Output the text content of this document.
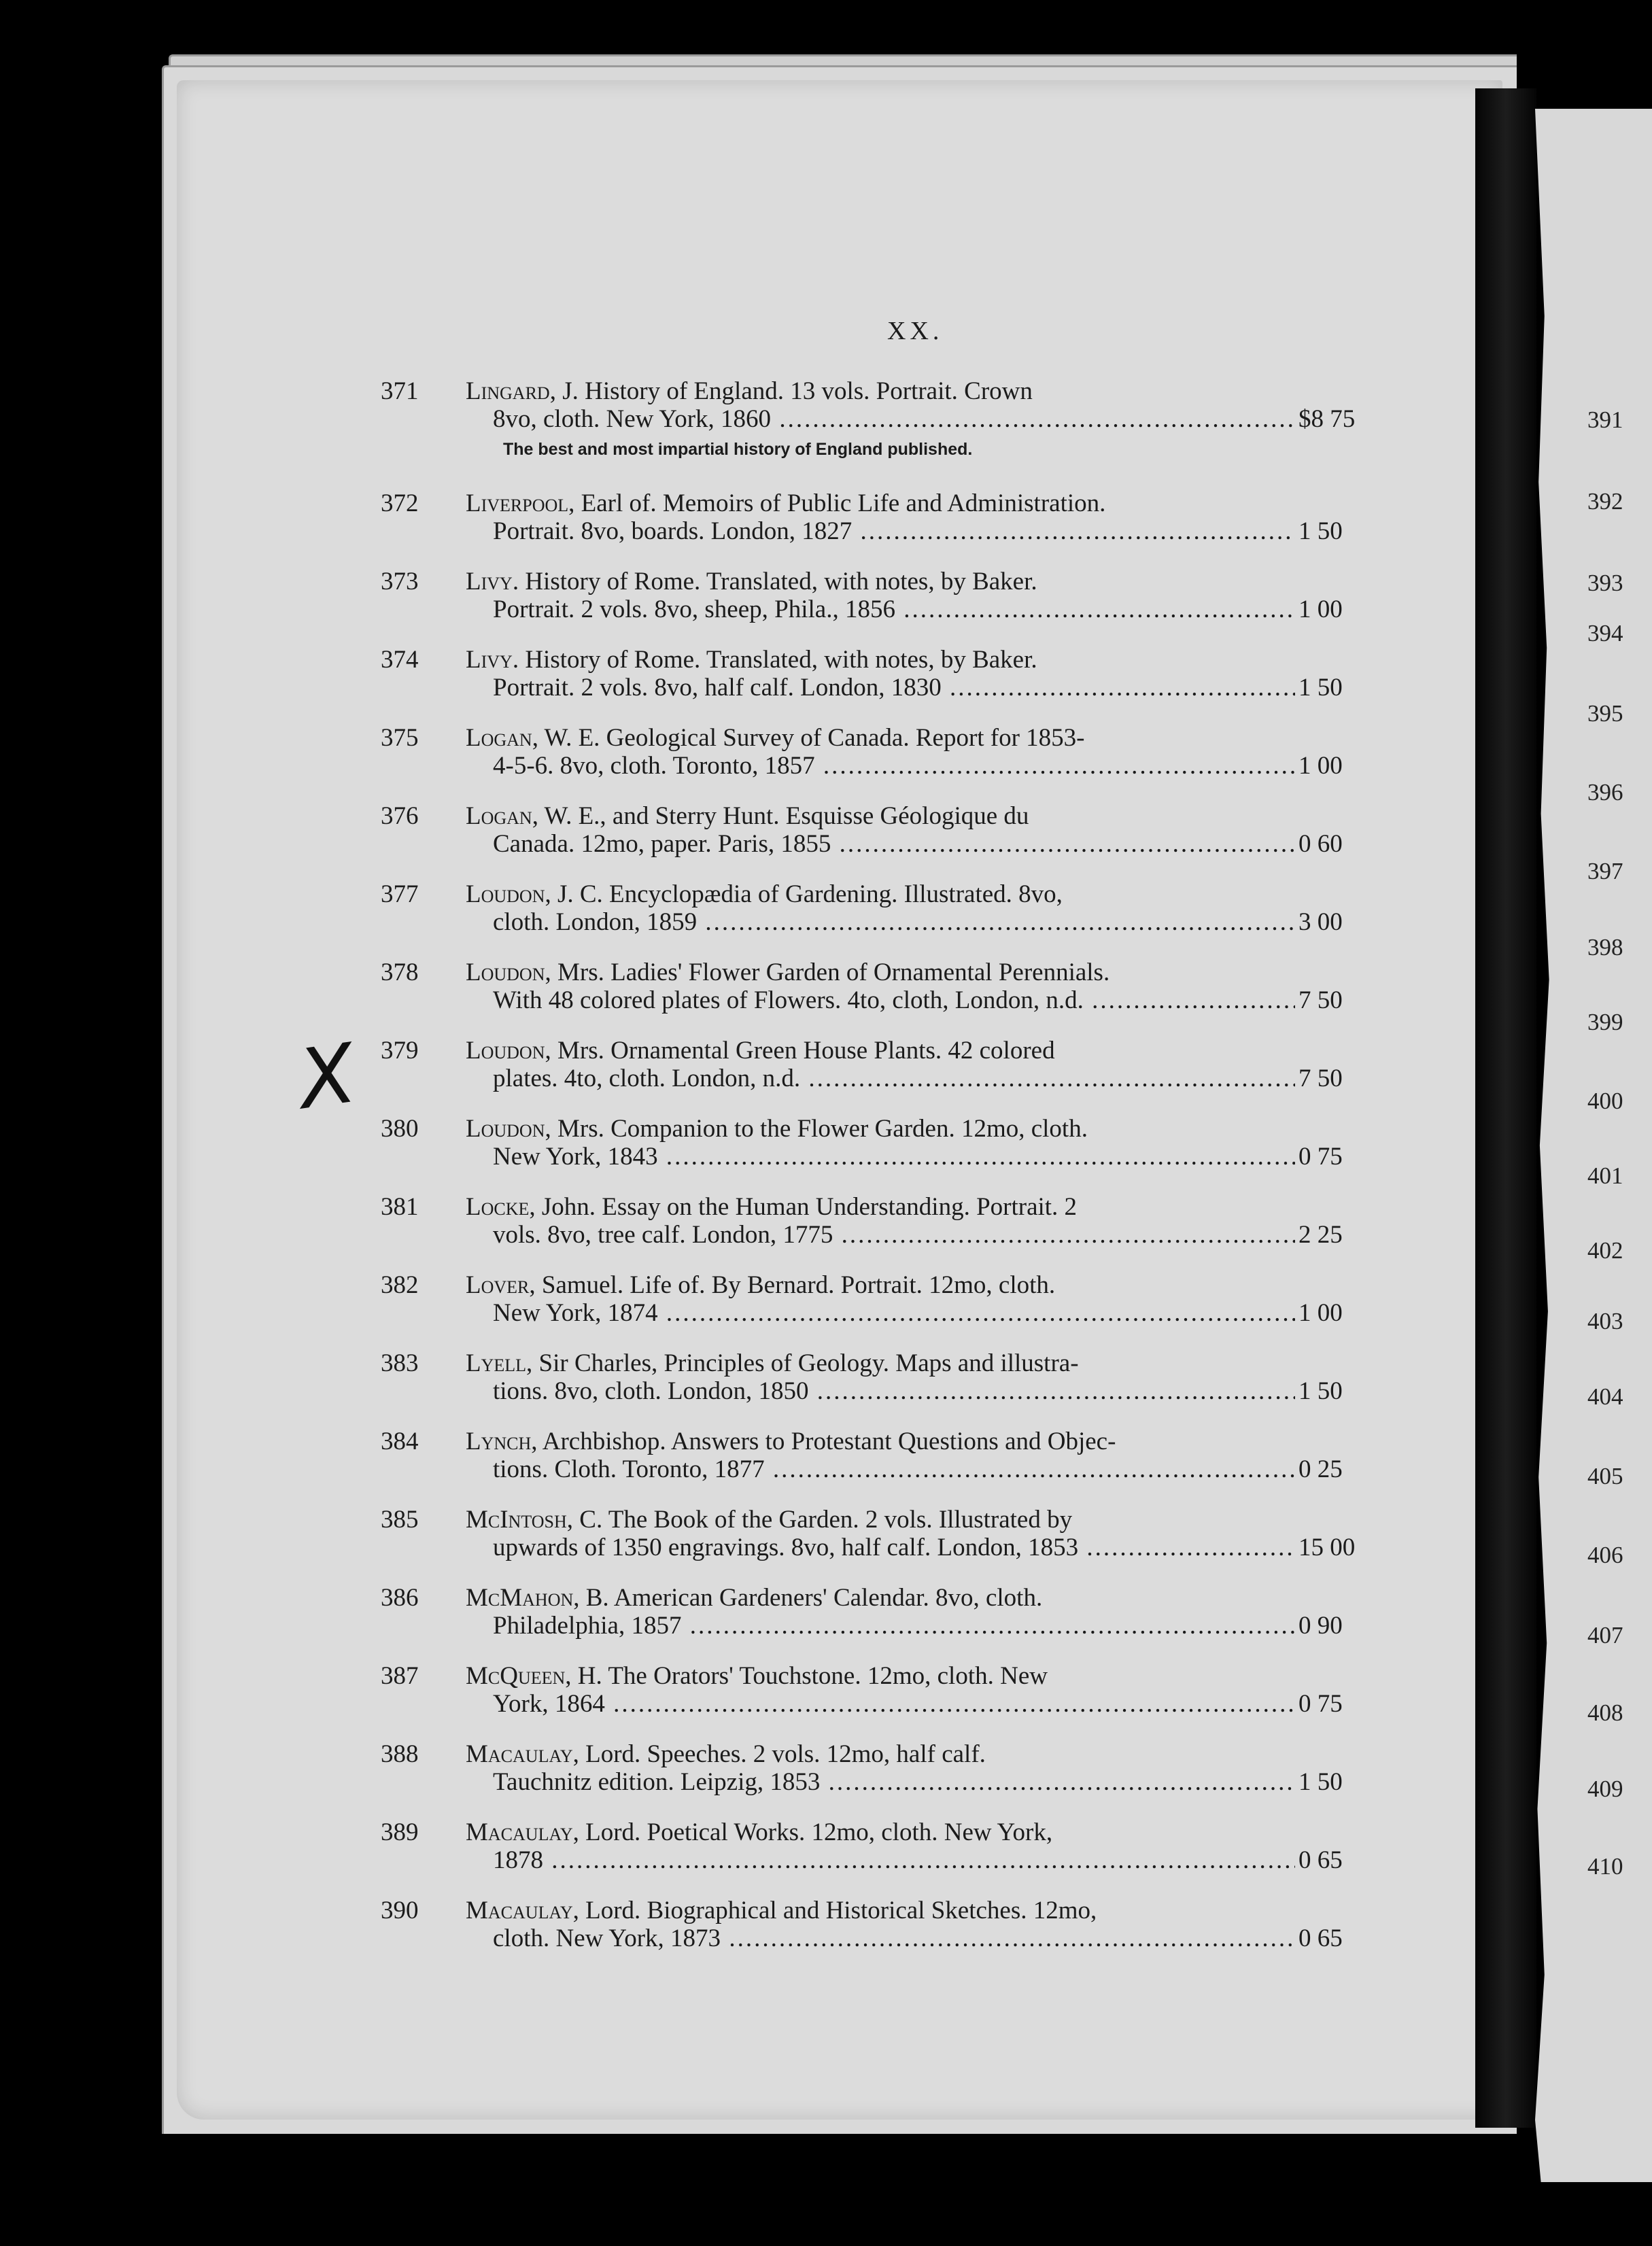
XX.
X
371	Lingard, J. History of England. 13 vols. Portrait. Crown
8vo, cloth. New York, 1860 .....	$8 75
The best and most impartial history of England published.
372	Liverpool, Earl of. Memoirs of Public Life and Administration.
Portrait. 8vo, boards. London, 1827 .....	1 50
373	Livy. History of Rome. Translated, with notes, by Baker.
Portrait. 2 vols. 8vo, sheep, Phila., 1856 .....	1 00
374	Livy. History of Rome. Translated, with notes, by Baker.
Portrait. 2 vols. 8vo, half calf. London, 1830 .....	1 50
375	Logan, W. E. Geological Survey of Canada. Report for 1853-
4-5-6. 8vo, cloth. Toronto, 1857 .....	1 00
376	Logan, W. E., and Sterry Hunt. Esquisse Géologique du
Canada. 12mo, paper. Paris, 1855 .....	0 60
377	Loudon, J. C. Encyclopædia of Gardening. Illustrated. 8vo,
cloth. London, 1859 .....	3 00
378	Loudon, Mrs. Ladies' Flower Garden of Ornamental Perennials.
With 48 colored plates of Flowers. 4to, cloth, London, n.d. .....	7 50
379	Loudon, Mrs. Ornamental Green House Plants. 42 colored
plates. 4to, cloth. London, n.d. .....	7 50
380	Loudon, Mrs. Companion to the Flower Garden. 12mo, cloth.
New York, 1843 .....	0 75
381	Locke, John. Essay on the Human Understanding. Portrait. 2
vols. 8vo, tree calf. London, 1775 .....	2 25
382	Lover, Samuel. Life of. By Bernard. Portrait. 12mo, cloth.
New York, 1874 .....	1 00
383	Lyell, Sir Charles, Principles of Geology. Maps and illustra-
tions. 8vo, cloth. London, 1850 .....	1 50
384	Lynch, Archbishop. Answers to Protestant Questions and Objec-
tions. Cloth. Toronto, 1877 .....	0 25
385	McIntosh, C. The Book of the Garden. 2 vols. Illustrated by
upwards of 1350 engravings. 8vo, half calf. London, 1853 .....	15 00
386	McMahon, B. American Gardeners' Calendar. 8vo, cloth.
Philadelphia, 1857 .....	0 90
387	McQueen, H. The Orators' Touchstone. 12mo, cloth. New
York, 1864 .....	0 75
388	Macaulay, Lord. Speeches. 2 vols. 12mo, half calf.
Tauchnitz edition. Leipzig, 1853 .....	1 50
389	Macaulay, Lord. Poetical Works. 12mo, cloth. New York,
1878 .....	0 65
390	Macaulay, Lord. Biographical and Historical Sketches. 12mo,
cloth. New York, 1873 .....	0 65
391
392
393
394
395
396
397
398
399
400
401
402
403
404
405
406
407
408
409
410
